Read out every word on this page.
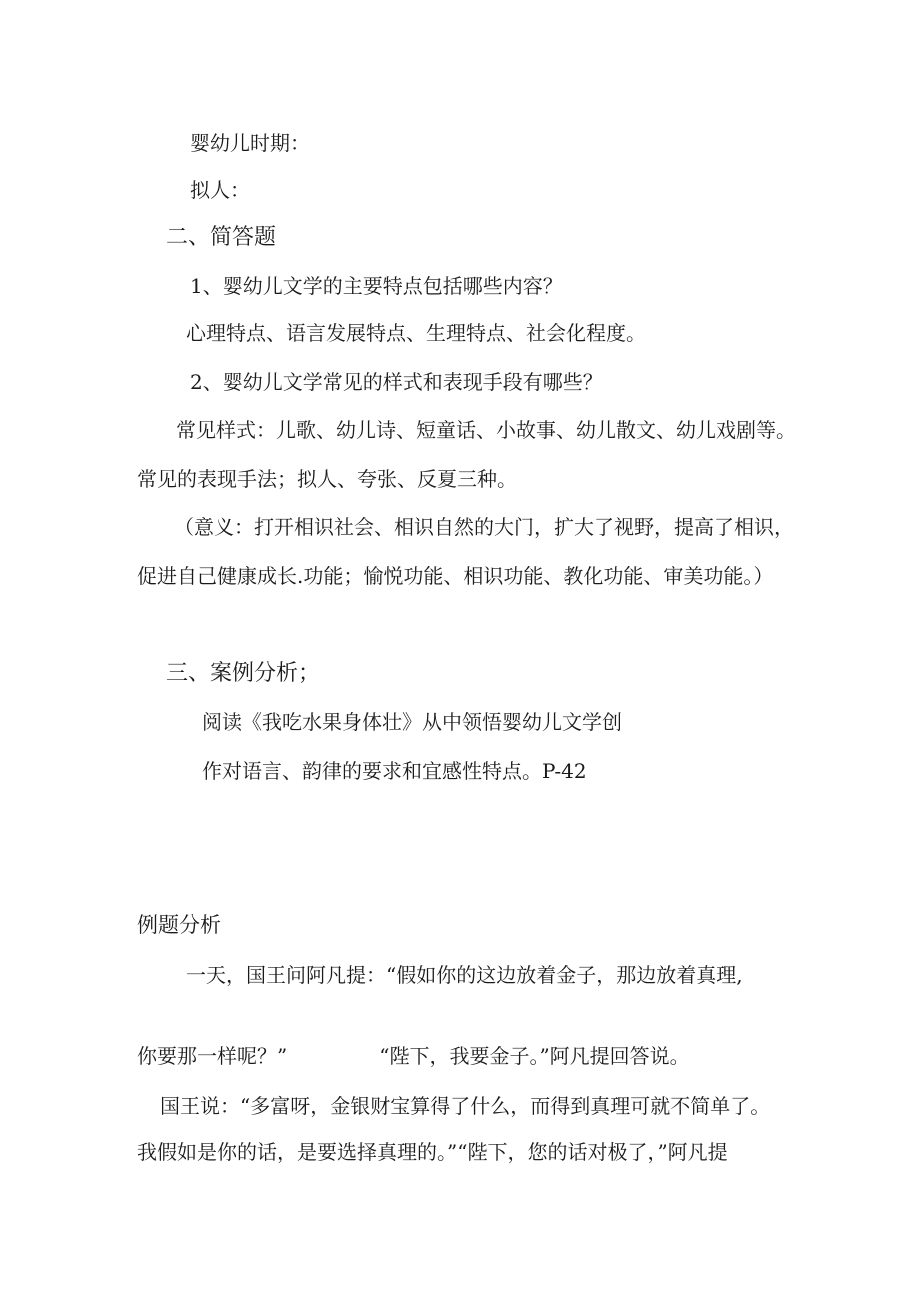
婴幼儿时期：
拟人：
二、简答题
1、婴幼儿文学的主要特点包括哪些内容？
心理特点、语言发展特点、生理特点、社会化程度。
2、婴幼儿文学常见的样式和表现手段有哪些？
常见样式：儿歌、幼儿诗、短童话、小故事、幼儿散文、幼儿戏剧等。
常见的表现手法；拟人、夸张、反夏三种。
（意义：打开相识社会、相识自然的大门，扩大了视野，提高了相识，
促进自己健康成长.功能；愉悦功能、相识功能、教化功能、审美功能。）
三、案例分析；
阅读《我吃水果身体壮》从中领悟婴幼儿文学创
作对语言、韵律的要求和宜感性特点。P-42
例题分析
一天，国王问阿凡提：“假如你的这边放着金子，那边放着真理,
你要那一样呢？”	“陛下，我要金子。”阿凡提回答说。
国王说：“多富呀，金银财宝算得了什么，而得到真理可就不简单了。
我假如是你的话，是要选择真理的。”“陛下，您的话对极了，”阿凡提
